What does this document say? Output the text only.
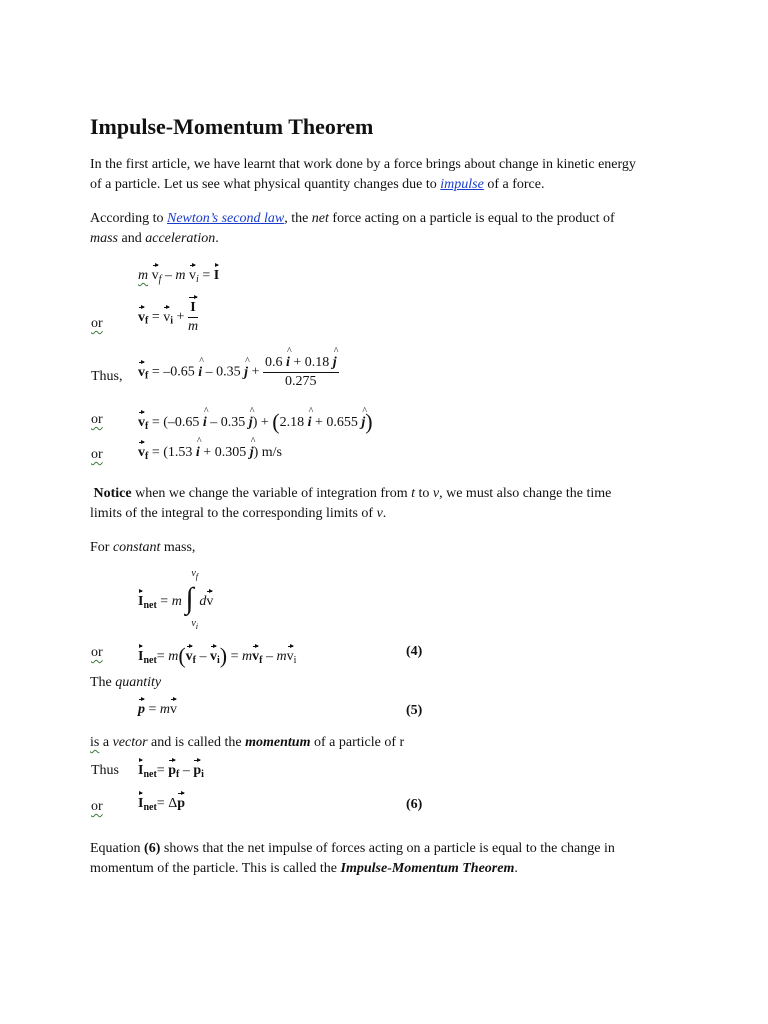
Impulse-Momentum Theorem
In the first article, we have learnt that work done by a force brings about change in kinetic energy
of a particle. Let us see what physical quantity changes due to impulse of a force.
According to Newton’s second law, the net force acting on a particle is equal to the product of
mass and acceleration.
m $v_f$ – m $v_i = I$
or	$v_f = v_i + \frac{I}{m}$
Thus, $v_f = -0.65$ ^ i – 0.35 ^ $j + \frac{0.6 \^{} i + 0.18 \^{} j}{0.275}$
or	$v_f = (-0.65$ ^ i – 0.35 ^ j) + (2.18 ^ i + 0.655 ^ j)
or	$v_f = (1.53$ ^ i + 0.305 ^ j) m/s
Notice when we change the variable of integration from t to v, we must also change the time
limits of the integral to the corresponding limits of v.
For constant mass,
$I_{net} = m$ ∫
$v_f$
$v_i$
dv
or	$I_{net}= m(v_f - v_i) = mv_f - mv_i$
(4)
The quantity
p = mv	(5)
is a vector and is called the momentum of a particle of r
Thus $I_{net}= p_f - p_i$
or	$I_{net}= \Delta p$	(6)
Equation (6) shows that the net impulse of forces acting on a particle is equal to the change in
momentum of the particle. This is called the Impulse-Momentum Theorem.
